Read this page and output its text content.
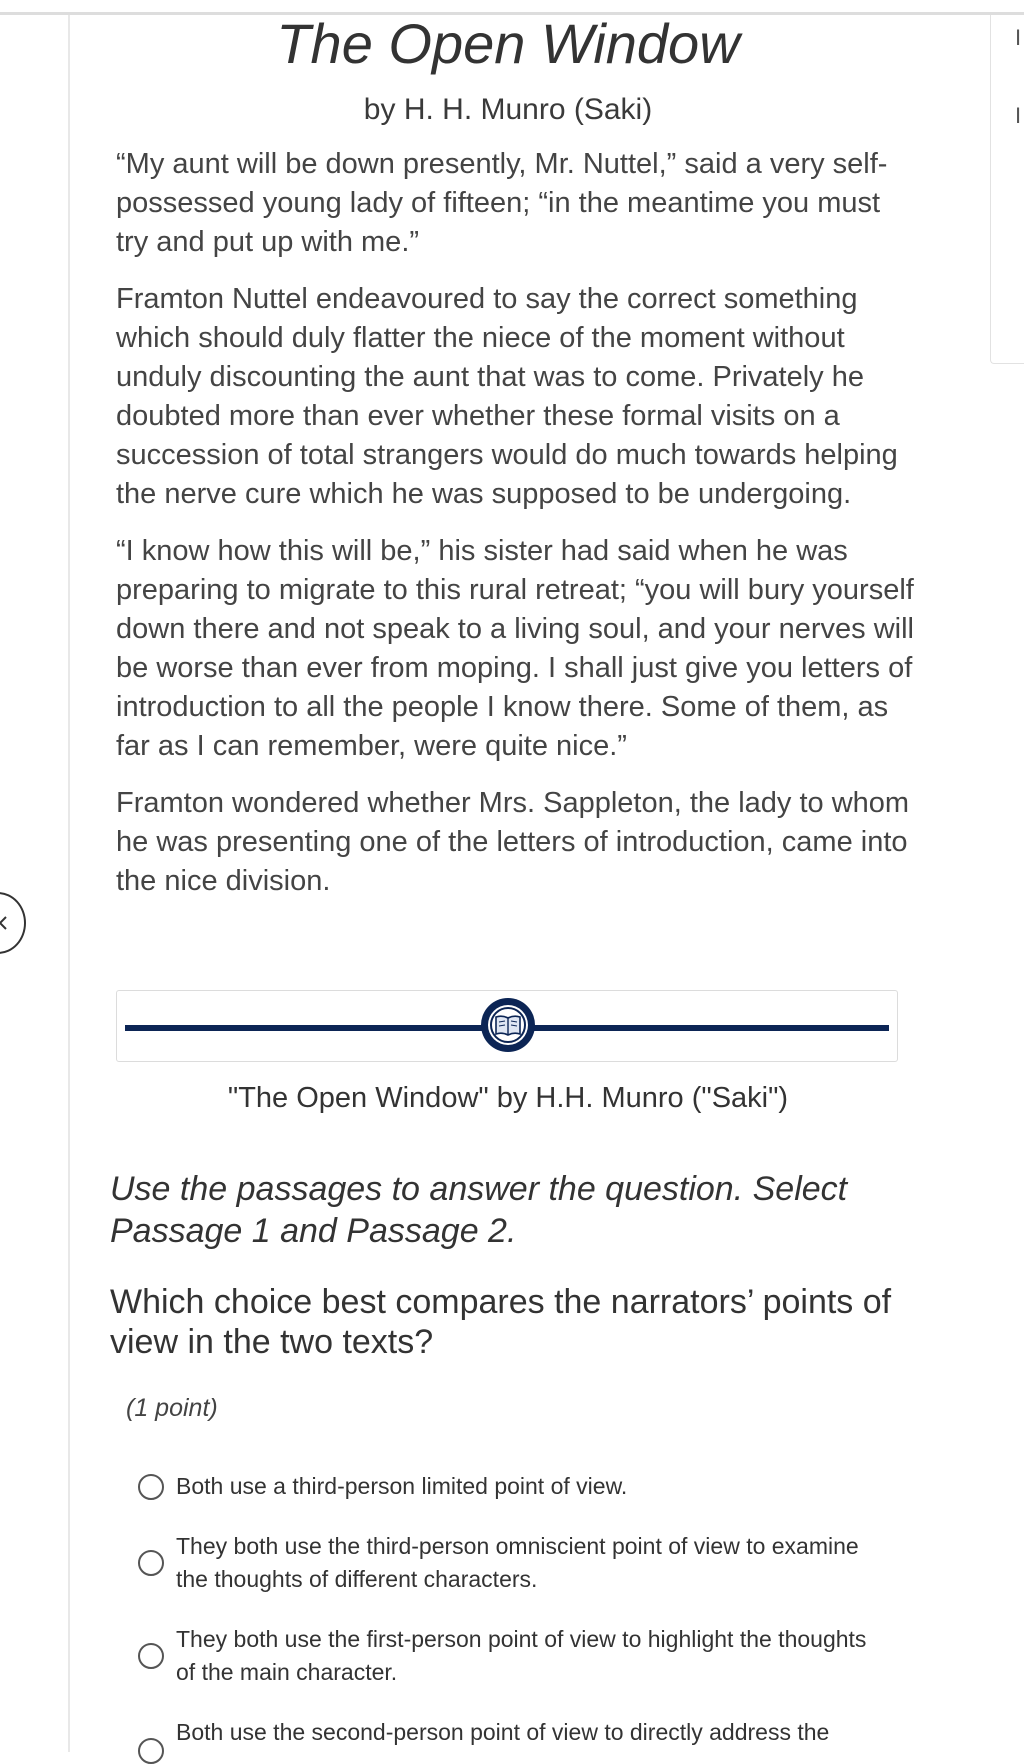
I
I
The Open Window
by H. H. Munro (Saki)

“My aunt will be down presently, Mr. Nuttel,” said a very self-possessed young lady of fifteen; “in the meantime you must try and put up with me.”

Framton Nuttel endeavoured to say the correct something which should duly flatter the niece of the moment without unduly discounting the aunt that was to come. Privately he doubted more than ever whether these formal visits on a succession of total strangers would do much towards helping the nerve cure which he was supposed to be undergoing.

“I know how this will be,” his sister had said when he was preparing to migrate to this rural retreat; “you will bury yourself down there and not speak to a living soul, and your nerves will be worse than ever from moping. I shall just give you letters of introduction to all the people I know there. Some of them, as far as I can remember, were quite nice.”

Framton wondered whether Mrs. Sappleton, the lady to whom he was presenting one of the letters of introduction, came into the nice division.

"The Open Window" by H.H. Munro ("Saki")
Use the passages to answer the question. Select Passage 1 and Passage 2.
Which choice best compares the narrators’ points of view in the two texts?
(1 point)
Both use a third-person limited point of view.
They both use the third-person omniscient point of view to examine the thoughts of different characters.
They both use the first-person point of view to highlight the thoughts of the main character.
Both use the second-person point of view to directly address the
